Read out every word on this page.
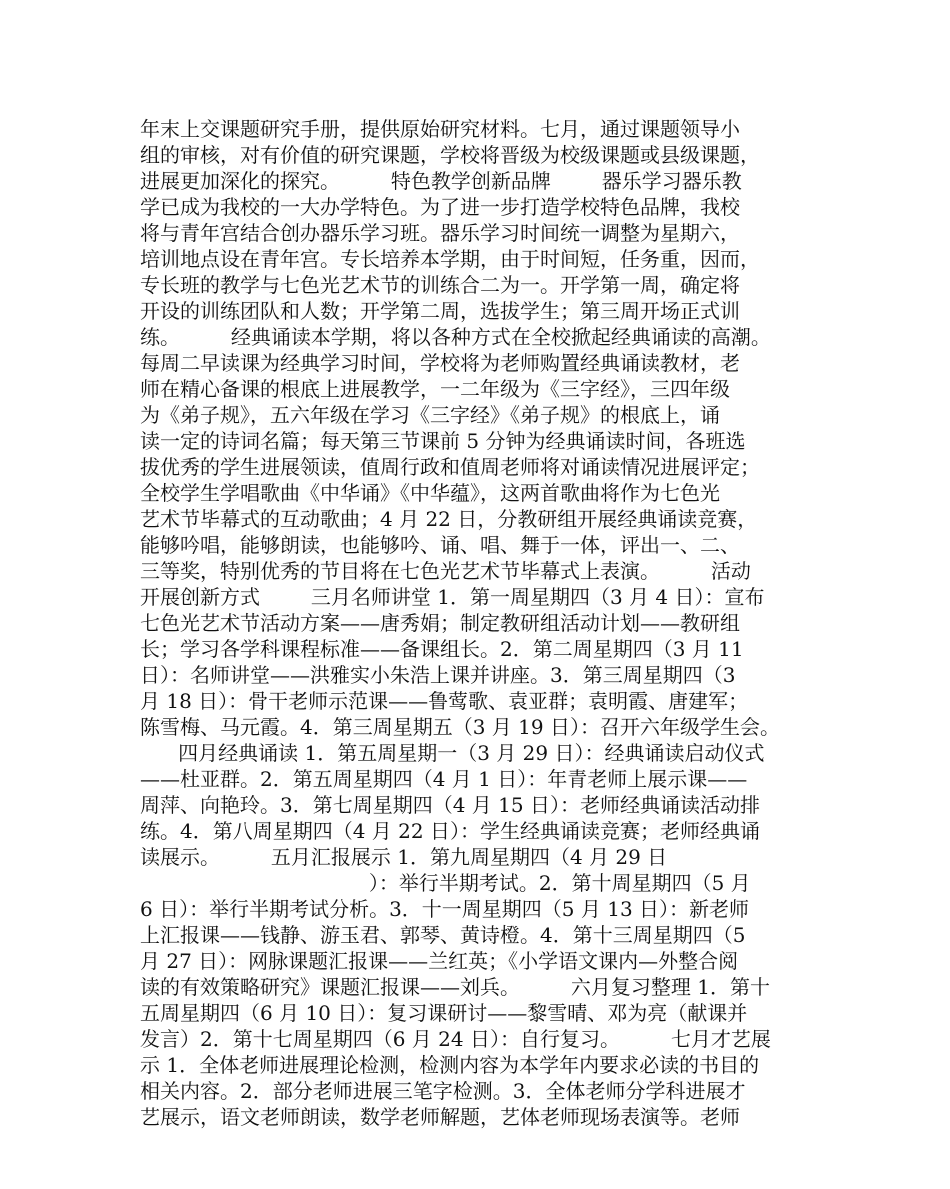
年末上交课题研究手册，提供原始研究材料。七月，通过课题领导小
组的审核，对有价值的研究课题，学校将晋级为校级课题或县级课题，
进展更加深化的探究。        特色教学创新品牌        器乐学习器乐教
学已成为我校的一大办学特色。为了进一步打造学校特色品牌，我校
将与青年宫结合创办器乐学习班。器乐学习时间统一调整为星期六，
培训地点设在青年宫。专长培养本学期，由于时间短，任务重，因而，
专长班的教学与七色光艺术节的训练合二为一。开学第一周，确定将
开设的训练团队和人数；开学第二周，选拔学生；第三周开场正式训
练。        经典诵读本学期，将以各种方式在全校掀起经典诵读的高潮。
每周二早读课为经典学习时间，学校将为老师购置经典诵读教材，老
师在精心备课的根底上进展教学，一二年级为《三字经》，三四年级
为《弟子规》，五六年级在学习《三字经》《弟子规》的根底上，诵
读一定的诗词名篇；每天第三节课前 5 分钟为经典诵读时间，各班选
拔优秀的学生进展领读，值周行政和值周老师将对诵读情况进展评定；
全校学生学唱歌曲《中华诵》《中华蕴》，这两首歌曲将作为七色光
艺术节毕幕式的互动歌曲；4 月 22 日，分教研组开展经典诵读竞赛，
能够吟唱，能够朗读，也能够吟、诵、唱、舞于一体，评出一、二、
三等奖，特别优秀的节目将在七色光艺术节毕幕式上表演。        活动
开展创新方式        三月名师讲堂 1．第一周星期四（3 月 4 日）：宣布
七色光艺术节活动方案——唐秀娟；制定教研组活动计划——教研组
长；学习各学科课程标准——备课组长。2．第二周星期四（3 月 11
日）：名师讲堂——洪雅实小朱浩上课并讲座。3．第三周星期四（3
月 18 日）：骨干老师示范课——鲁莺歌、袁亚群；袁明霞、唐建军；
陈雪梅、马元霞。4．第三周星期五（3 月 19 日）：召开六年级学生会。
四月经典诵读 1．第五周星期一（3 月 29 日）：经典诵读启动仪式
——杜亚群。2．第五周星期四（4 月 1 日）：年青老师上展示课——
周萍、向艳玲。3．第七周星期四（4 月 15 日）：老师经典诵读活动排
练。4．第八周星期四（4 月 22 日）：学生经典诵读竞赛；老师经典诵
读展示。        五月汇报展示 1．第九周星期四（4 月 29 日
）：举行半期考试。2．第十周星期四（5 月
6 日）：举行半期考试分析。3．十一周星期四（5 月 13 日）：新老师
上汇报课——钱静、游玉君、郭琴、黄诗橙。4．第十三周星期四（5
月 27 日）：网脉课题汇报课——兰红英；《小学语文课内—外整合阅
读的有效策略研究》课题汇报课——刘兵。        六月复习整理 1．第十
五周星期四（6 月 10 日）：复习课研讨——黎雪晴、邓为亮（献课并
发言）2．第十七周星期四（6 月 24 日）：自行复习。        七月才艺展
示 1．全体老师进展理论检测，检测内容为本学年内要求必读的书目的
相关内容。2．部分老师进展三笔字检测。3．全体老师分学科进展才
艺展示，语文老师朗读，数学老师解题，艺体老师现场表演等。老师
